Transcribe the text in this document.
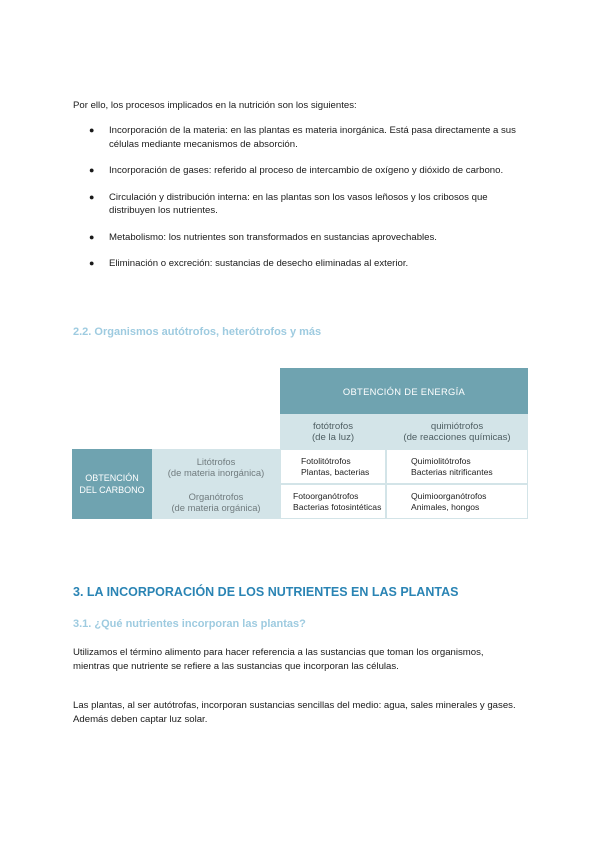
Por ello, los procesos implicados en la nutrición son los siguientes:
● Incorporación de la materia: en las plantas es materia inorgánica. Está pasa directamente a sus células mediante mecanismos de absorción.
● Incorporación de gases: referido al proceso de intercambio de oxígeno y dióxido de carbono.
● Circulación y distribución interna: en las plantas son los vasos leñosos y los cribosos que distribuyen los nutrientes.
● Metabolismo: los nutrientes son transformados en sustancias aprovechables.
● Eliminación o excreción: sustancias de desecho eliminadas al exterior.
2.2. Organismos autótrofos, heterótrofos y más
OBTENCIÓN DE ENERGÍA
fotótrofos
(de la luz)
quimiótrofos
(de reacciones químicas)
OBTENCIÓN
DEL CARBONO
Litótrofos
(de materia inorgánica)
Organótrofos
(de materia orgánica)
Fotolitótrofos
Plantas, bacterias
Quimiolitótrofos
Bacterias nitrificantes
Fotoorganótrofos
Bacterias fotosintéticas
Quimioorganótrofos
Animales, hongos
3. LA INCORPORACIÓN DE LOS NUTRIENTES EN LAS PLANTAS
3.1. ¿Qué nutrientes incorporan las plantas?
Utilizamos el término alimento para hacer referencia a las sustancias que toman los organismos, mientras que nutriente se refiere a las sustancias que incorporan las células.
Las plantas, al ser autótrofas, incorporan sustancias sencillas del medio: agua, sales minerales y gases. Además deben captar luz solar.
